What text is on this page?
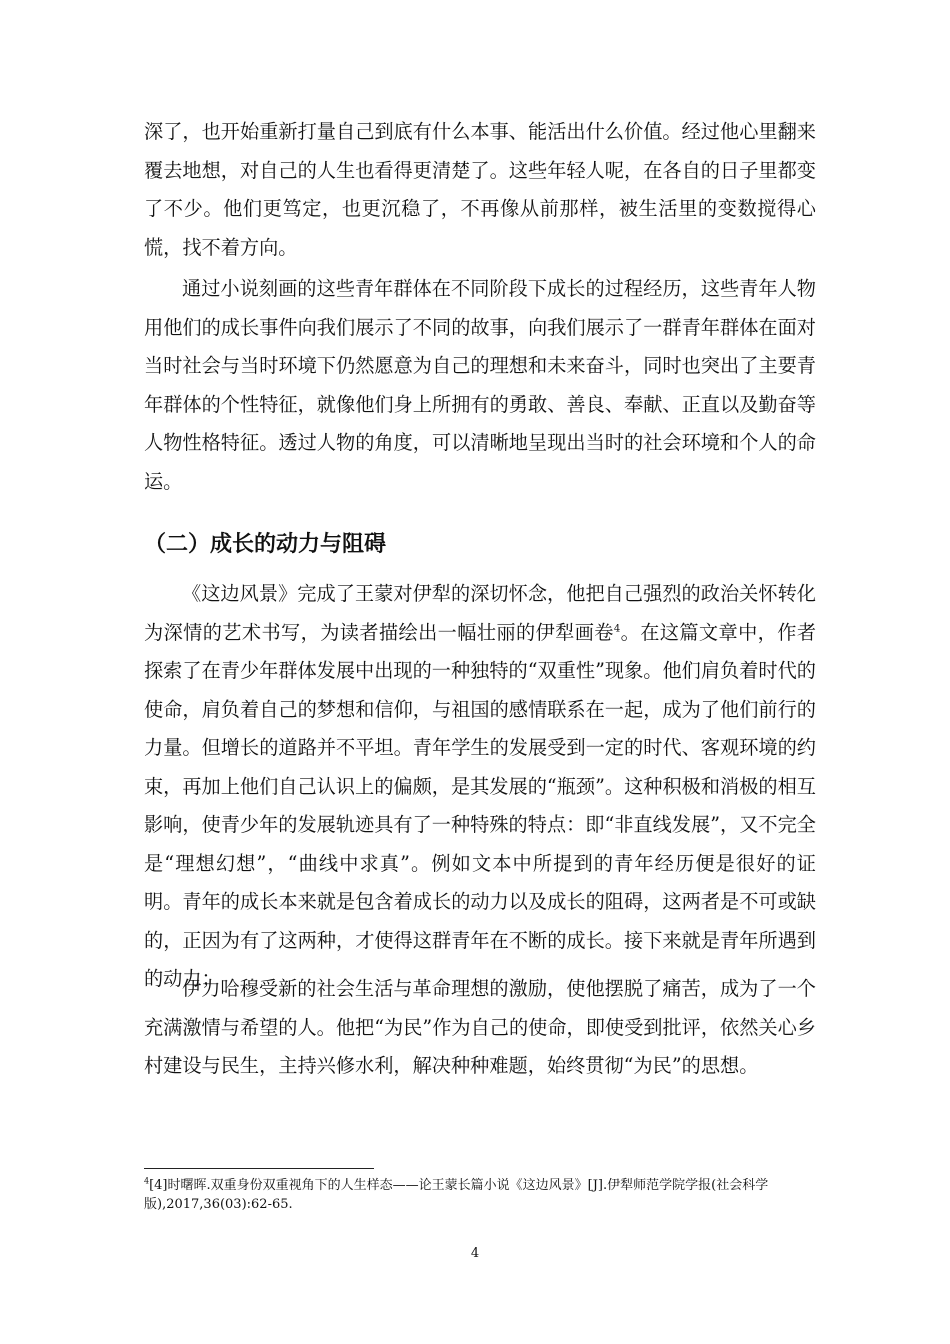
深了，也开始重新打量自己到底有什么本事、能活出什么价值。经过他心里翻来覆去地想，对自己的人生也看得更清楚了。这些年轻人呢，在各自的日子里都变了不少。他们更笃定，也更沉稳了，不再像从前那样，被生活里的变数搅得心慌，找不着方向。

通过小说刻画的这些青年群体在不同阶段下成长的过程经历，这些青年人物用他们的成长事件向我们展示了不同的故事，向我们展示了一群青年群体在面对当时社会与当时环境下仍然愿意为自己的理想和未来奋斗，同时也突出了主要青年群体的个性特征，就像他们身上所拥有的勇敢、善良、奉献、正直以及勤奋等人物性格特征。透过人物的角度，可以清晰地呈现出当时的社会环境和个人的命运。

（二）成长的动力与阻碍

《这边风景》完成了王蒙对伊犁的深切怀念，他把自己强烈的政治关怀转化为深情的艺术书写，为读者描绘出一幅壮丽的伊犁画卷$^4$。在这篇文章中，作者探索了在青少年群体发展中出现的一种独特的“双重性”现象。他们肩负着时代的使命，肩负着自己的梦想和信仰，与祖国的感情联系在一起，成为了他们前行的力量。但增长的道路并不平坦。青年学生的发展受到一定的时代、客观环境的约束，再加上他们自己认识上的偏颇，是其发展的“瓶颈”。这种积极和消极的相互影响，使青少年的发展轨迹具有了一种特殊的特点：即“非直线发展”，又不完全是“理想幻想”，“曲线中求真”。例如文本中所提到的青年经历便是很好的证明。青年的成长本来就是包含着成长的动力以及成长的阻碍，这两者是不可或缺的，正因为有了这两种，才使得这群青年在不断的成长。接下来就是青年所遇到的动力；

伊力哈穆受新的社会生活与革命理想的激励，使他摆脱了痛苦，成为了一个充满激情与希望的人。他把“为民”作为自己的使命，即使受到批评，依然关心乡村建设与民生，主持兴修水利，解决种种难题，始终贯彻“为民”的思想。

$^4$[4]时曙晖.双重身份双重视角下的人生样态——论王蒙长篇小说《这边风景》[J].伊犁师范学院学报(社会科学版),2017,36(03):62-65.

4
